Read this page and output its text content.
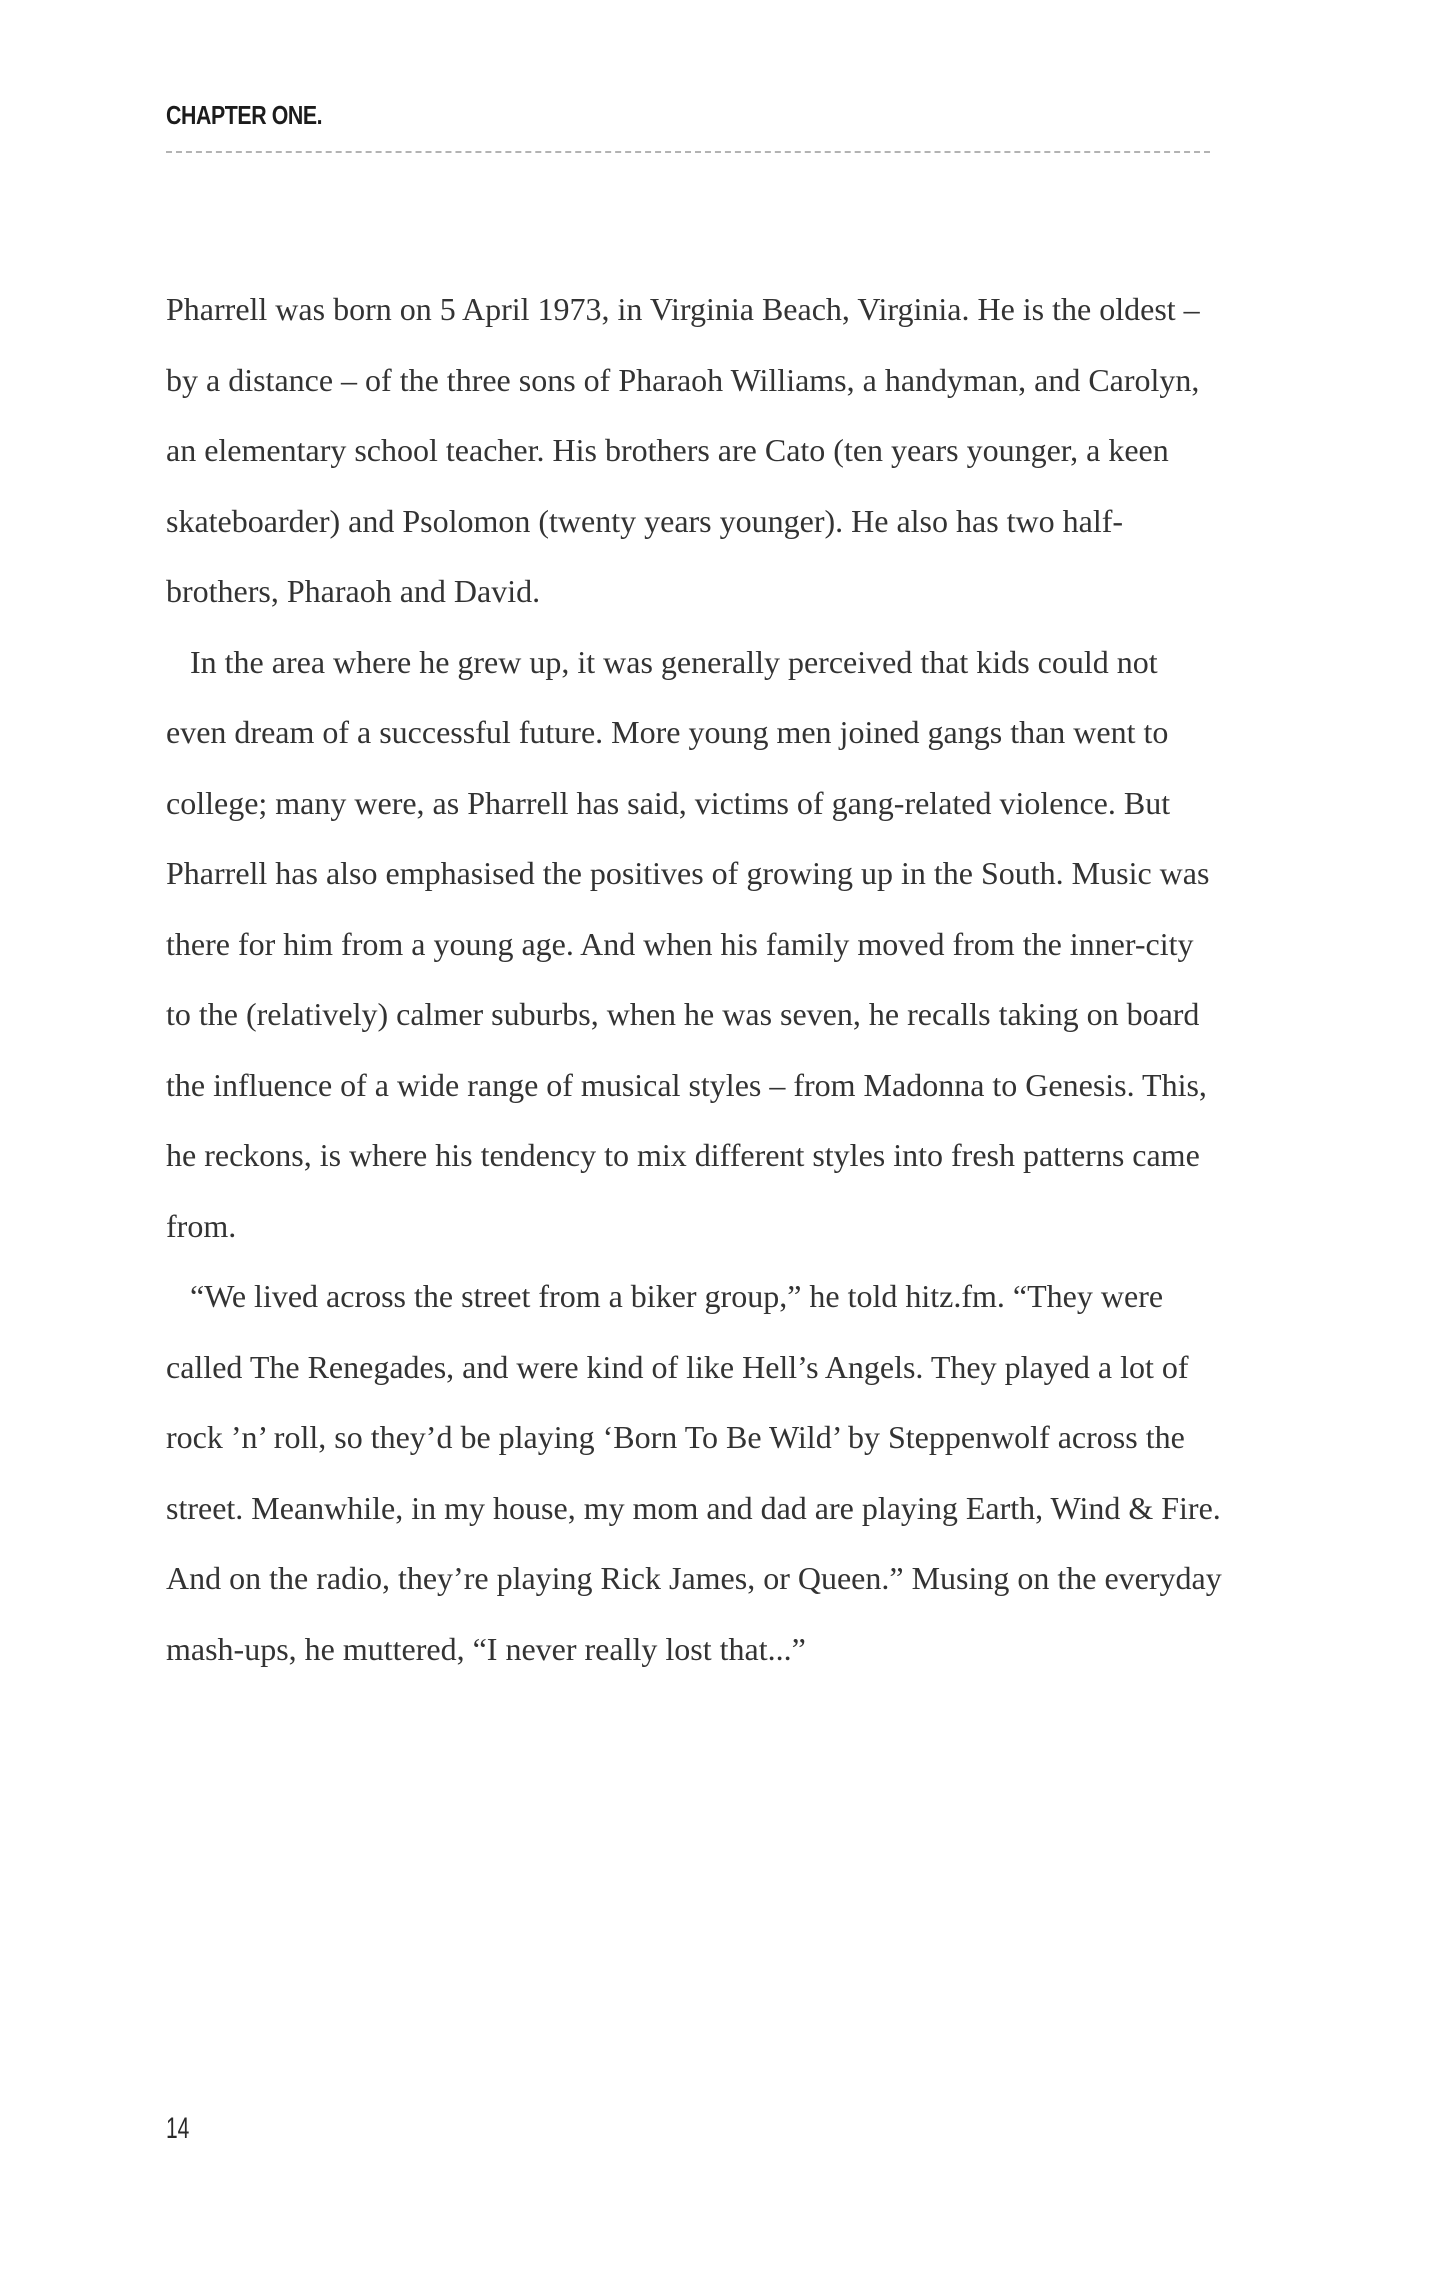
CHAPTER ONE.

Pharrell was born on 5 April 1973, in Virginia Beach, Virginia. He is the oldest – by a distance – of the three sons of Pharaoh Williams, a handyman, and Carolyn, an elementary school teacher. His brothers are Cato (ten years younger, a keen skateboarder) and Psolomon (twenty years younger). He also has two half-brothers, Pharaoh and David.

In the area where he grew up, it was generally perceived that kids could not even dream of a successful future. More young men joined gangs than went to college; many were, as Pharrell has said, victims of gang-related violence. But Pharrell has also emphasised the positives of growing up in the South. Music was there for him from a young age. And when his family moved from the inner-city to the (relatively) calmer suburbs, when he was seven, he recalls taking on board the influence of a wide range of musical styles – from Madonna to Genesis. This, he reckons, is where his tendency to mix different styles into fresh patterns came from.

“We lived across the street from a biker group,” he told hitz.fm. “They were called The Renegades, and were kind of like Hell’s Angels. They played a lot of rock ’n’ roll, so they’d be playing ‘Born To Be Wild’ by Steppenwolf across the street. Meanwhile, in my house, my mom and dad are playing Earth, Wind & Fire. And on the radio, they’re playing Rick James, or Queen.” Musing on the everyday mash-ups, he muttered, “I never really lost that...”

14
